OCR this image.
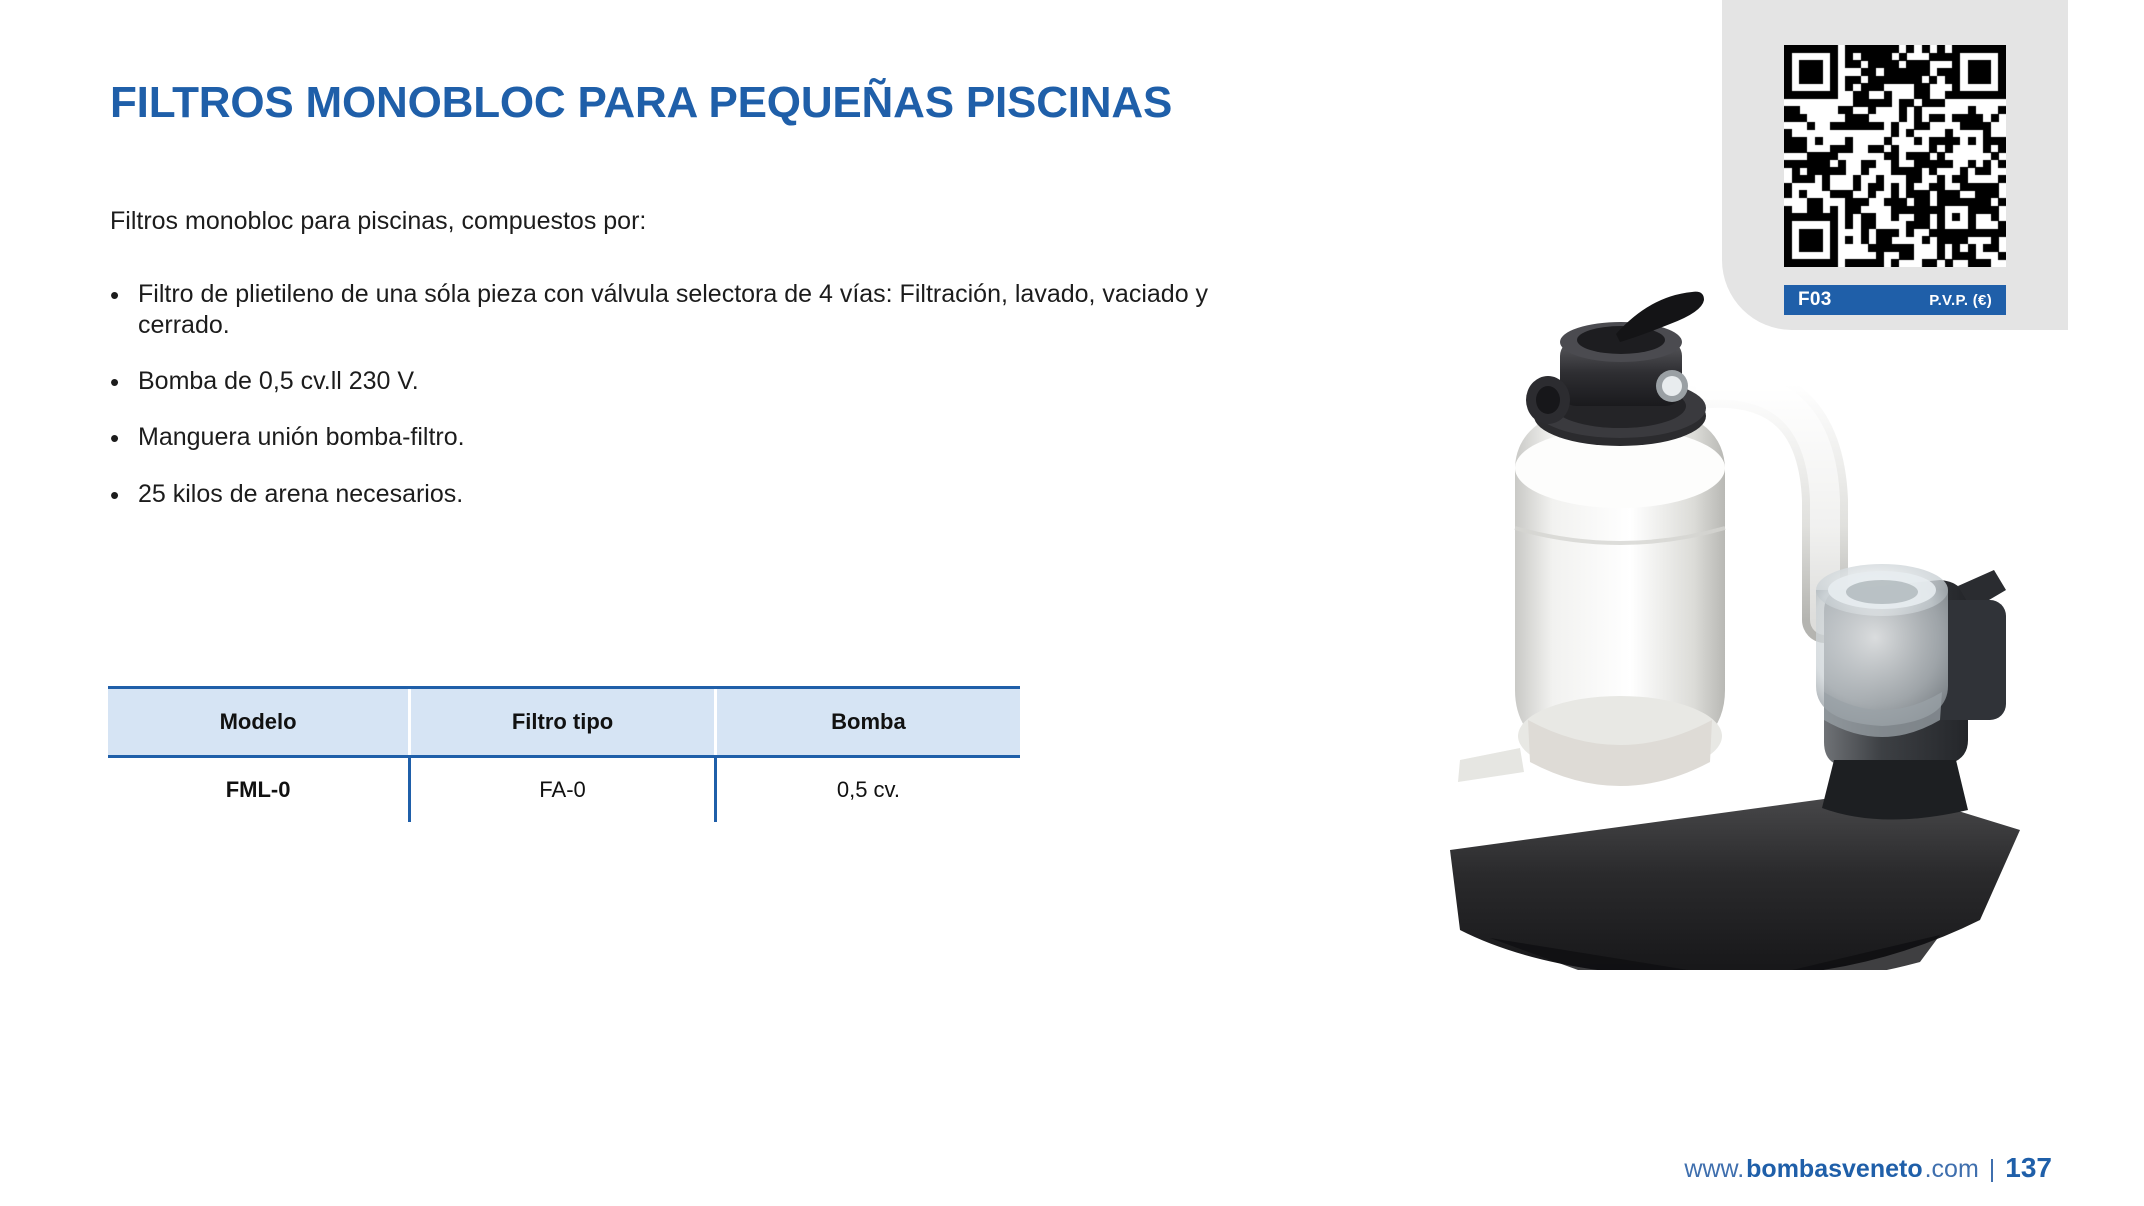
F03	P.V.P. (€)
FILTROS MONOBLOC PARA PEQUEÑAS PISCINAS
Filtros monobloc para piscinas, compuestos por:
• Filtro de plietileno de una sóla pieza con válvula selectora de 4 vías: Filtración, lavado, vaciado y cerrado.
• Bomba de 0,5 cv.ll 230 V.
• Manguera unión bomba-filtro.
• 25 kilos de arena necesarios.
Modelo	Filtro tipo	Bomba
FML-0	FA-0	0,5 cv.
www. bombasveneto .com | 137
